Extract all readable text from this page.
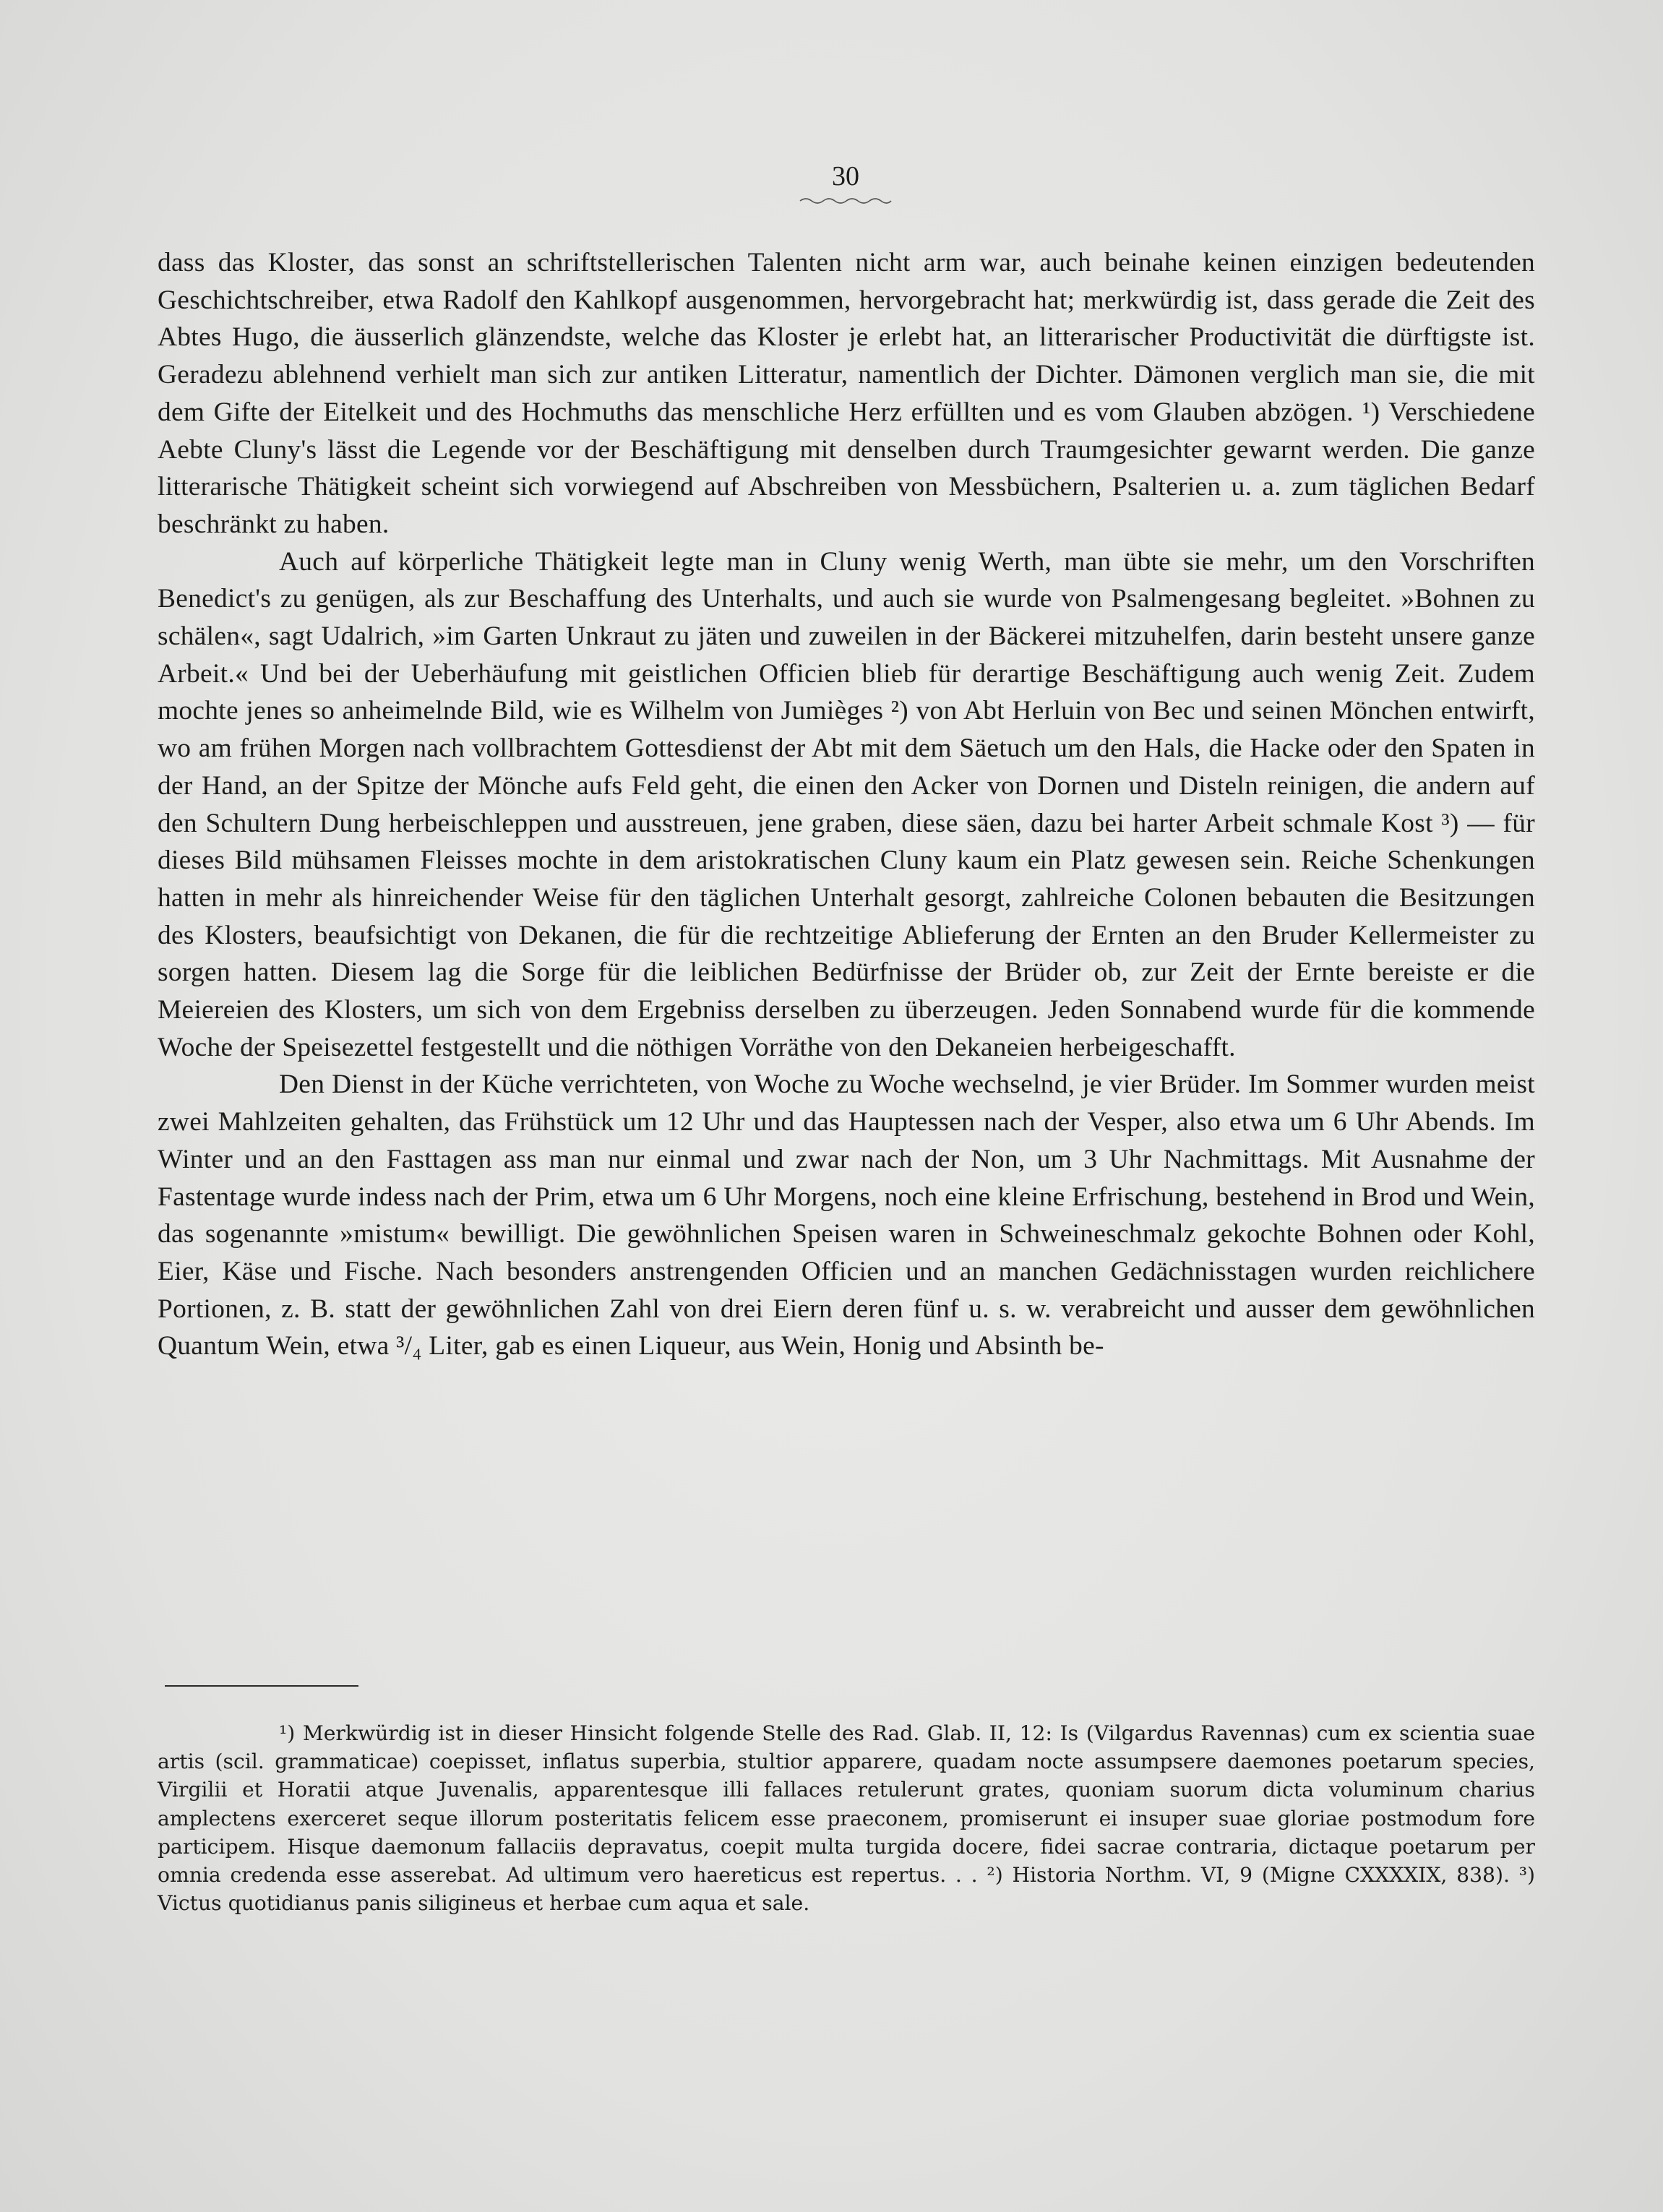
30

dass das Kloster, das sonst an schriftstellerischen Talenten nicht arm war, auch beinahe keinen einzigen bedeutenden Geschichtschreiber, etwa Radolf den Kahlkopf ausgenommen, hervorgebracht hat; merkwürdig ist, dass gerade die Zeit des Abtes Hugo, die äusserlich glänzendste, welche das Kloster je erlebt hat, an litterarischer Productivität die dürftigste ist. Geradezu ablehnend verhielt man sich zur antiken Litteratur, namentlich der Dichter. Dämonen verglich man sie, die mit dem Gifte der Eitelkeit und des Hochmuths das menschliche Herz erfüllten und es vom Glauben abzögen. ¹) Verschiedene Aebte Cluny's lässt die Legende vor der Beschäftigung mit denselben durch Traumgesichter gewarnt werden. Die ganze litterarische Thätigkeit scheint sich vorwiegend auf Abschreiben von Messbüchern, Psalterien u. a. zum täglichen Bedarf beschränkt zu haben.

Auch auf körperliche Thätigkeit legte man in Cluny wenig Werth, man übte sie mehr, um den Vorschriften Benedict's zu genügen, als zur Beschaffung des Unterhalts, und auch sie wurde von Psalmengesang begleitet. »Bohnen zu schälen«, sagt Udalrich, »im Garten Unkraut zu jäten und zuweilen in der Bäckerei mitzuhelfen, darin besteht unsere ganze Arbeit.« Und bei der Ueberhäufung mit geistlichen Officien blieb für derartige Beschäftigung auch wenig Zeit. Zudem mochte jenes so anheimelnde Bild, wie es Wilhelm von Jumièges ²) von Abt Herluin von Bec und seinen Mönchen entwirft, wo am frühen Morgen nach vollbrachtem Gottesdienst der Abt mit dem Säetuch um den Hals, die Hacke oder den Spaten in der Hand, an der Spitze der Mönche aufs Feld geht, die einen den Acker von Dornen und Disteln reinigen, die andern auf den Schultern Dung herbeischleppen und ausstreuen, jene graben, diese säen, dazu bei harter Arbeit schmale Kost ³) — für dieses Bild mühsamen Fleisses mochte in dem aristokratischen Cluny kaum ein Platz gewesen sein. Reiche Schenkungen hatten in mehr als hinreichender Weise für den täglichen Unterhalt gesorgt, zahlreiche Colonen bebauten die Besitzungen des Klosters, beaufsichtigt von Dekanen, die für die rechtzeitige Ablieferung der Ernten an den Bruder Kellermeister zu sorgen hatten. Diesem lag die Sorge für die leiblichen Bedürfnisse der Brüder ob, zur Zeit der Ernte bereiste er die Meiereien des Klosters, um sich von dem Ergebniss derselben zu überzeugen. Jeden Sonnabend wurde für die kommende Woche der Speisezettel festgestellt und die nöthigen Vorräthe von den Dekaneien herbeigeschafft.

Den Dienst in der Küche verrichteten, von Woche zu Woche wechselnd, je vier Brüder. Im Sommer wurden meist zwei Mahlzeiten gehalten, das Frühstück um 12 Uhr und das Hauptessen nach der Vesper, also etwa um 6 Uhr Abends. Im Winter und an den Fasttagen ass man nur einmal und zwar nach der Non, um 3 Uhr Nachmittags. Mit Ausnahme der Fastentage wurde indess nach der Prim, etwa um 6 Uhr Morgens, noch eine kleine Erfrischung, bestehend in Brod und Wein, das sogenannte »mistum« bewilligt. Die gewöhnlichen Speisen waren in Schweineschmalz gekochte Bohnen oder Kohl, Eier, Käse und Fische. Nach besonders anstrengenden Officien und an manchen Gedächnisstagen wurden reichlichere Portionen, z. B. statt der gewöhnlichen Zahl von drei Eiern deren fünf u. s. w. verabreicht und ausser dem gewöhnlichen Quantum Wein, etwa ³/₄ Liter, gab es einen Liqueur, aus Wein, Honig und Absinth be-

¹) Merkwürdig ist in dieser Hinsicht folgende Stelle des Rad. Glab. II, 12: Is (Vilgardus Ravennas) cum ex scientia suae artis (scil. grammaticae) coepisset, inflatus superbia, stultior apparere, quadam nocte assumpsere daemones poetarum species, Virgilii et Horatii atque Juvenalis, apparentesque illi fallaces retulerunt grates, quoniam suorum dicta voluminum charius amplectens exerceret seque illorum posteritatis felicem esse praeconem, promiserunt ei insuper suae gloriae postmodum fore participem. Hisque daemonum fallaciis depravatus, coepit multa turgida docere, fidei sacrae contraria, dictaque poetarum per omnia credenda esse asserebat. Ad ultimum vero haereticus est repertus. . . ²) Historia Northm. VI, 9 (Migne CXXXXIX, 838). ³) Victus quotidianus panis siligineus et herbae cum aqua et sale.
